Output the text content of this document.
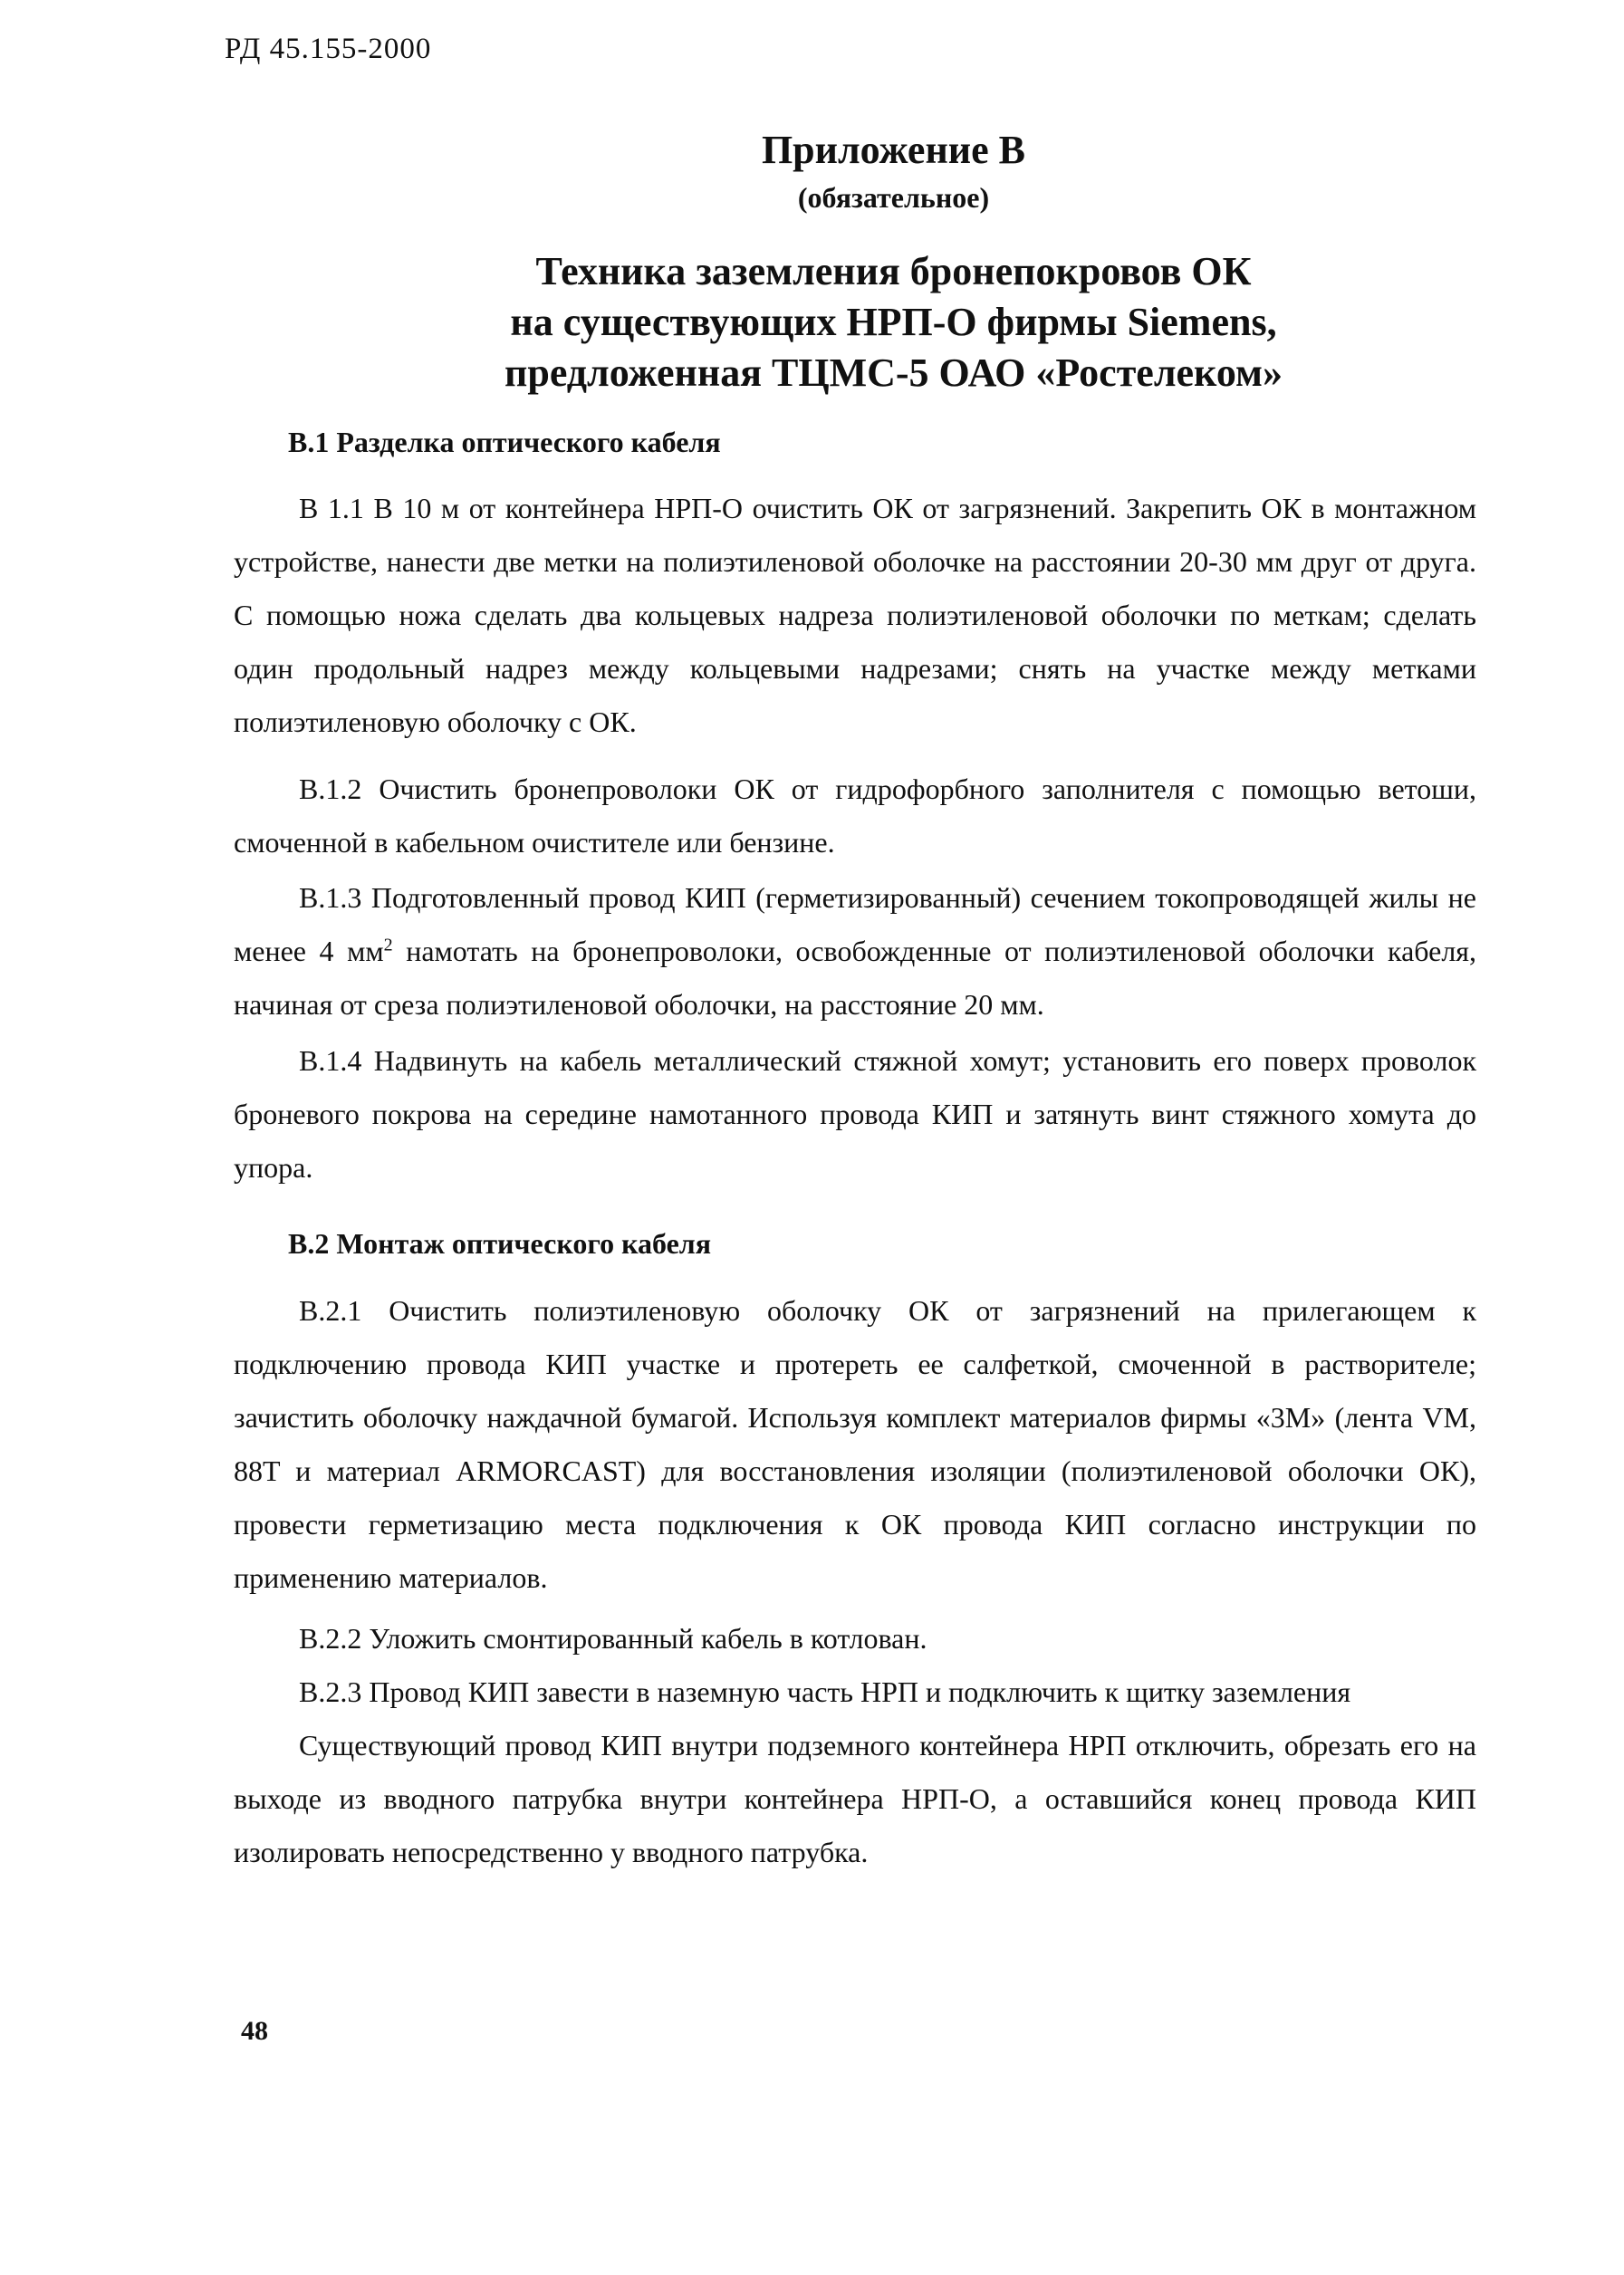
РД 45.155-2000
Приложение В
(обязательное)
Техника заземления бронепокровов ОК
на существующих НРП-О фирмы Siemens,
предложенная ТЦМС-5 ОАО «Ростелеком»
В.1 Разделка оптического кабеля

В 1.1 В 10 м от контейнера НРП-О очистить ОК от загрязнений. Закрепить ОК в монтажном устройстве, нанести две метки на полиэтиленовой оболочке на расстоянии 20-30 мм друг от друга. С помощью ножа сделать два кольцевых надреза полиэтиленовой оболочки по меткам; сделать один продольный надрез между кольцевыми надрезами; снять на участке между метками полиэтиленовую оболочку с ОК.

В.1.2 Очистить бронепроволоки ОК от гидрофорбного заполнителя с помощью ветоши, смоченной в кабельном очистителе или бензине.

В.1.3 Подготовленный провод КИП (герметизированный) сечением токопроводящей жилы не менее 4 $мм^2$ намотать на бронепроволоки, освобожденные от полиэтиленовой оболочки кабеля, начиная от среза полиэтиленовой оболочки, на расстояние 20 мм.

В.1.4 Надвинуть на кабель металлический стяжной хомут; установить его поверх проволок броневого покрова на середине намотанного провода КИП и затянуть винт стяжного хомута до упора.

В.2 Монтаж оптического кабеля

В.2.1 Очистить полиэтиленовую оболочку ОК от загрязнений на прилегающем к подключению провода КИП участке и протереть ее салфеткой, смоченной в растворителе; зачистить оболочку наждачной бумагой. Используя комплект материалов фирмы «3М» (лента VM, 88T и материал ARMORCAST) для восстановления изоляции (полиэтиленовой оболочки ОК), провести герметизацию места подключения к ОК провода КИП согласно инструкции по применению материалов.

В.2.2 Уложить смонтированный кабель в котлован.

В.2.3 Провод КИП завести в наземную часть НРП и подключить к щитку заземления

Существующий провод КИП внутри подземного контейнера НРП отключить, обрезать его на выходе из вводного патрубка внутри контейнера НРП-О, а оставшийся конец провода КИП изолировать непосредственно у вводного патрубка.

48
